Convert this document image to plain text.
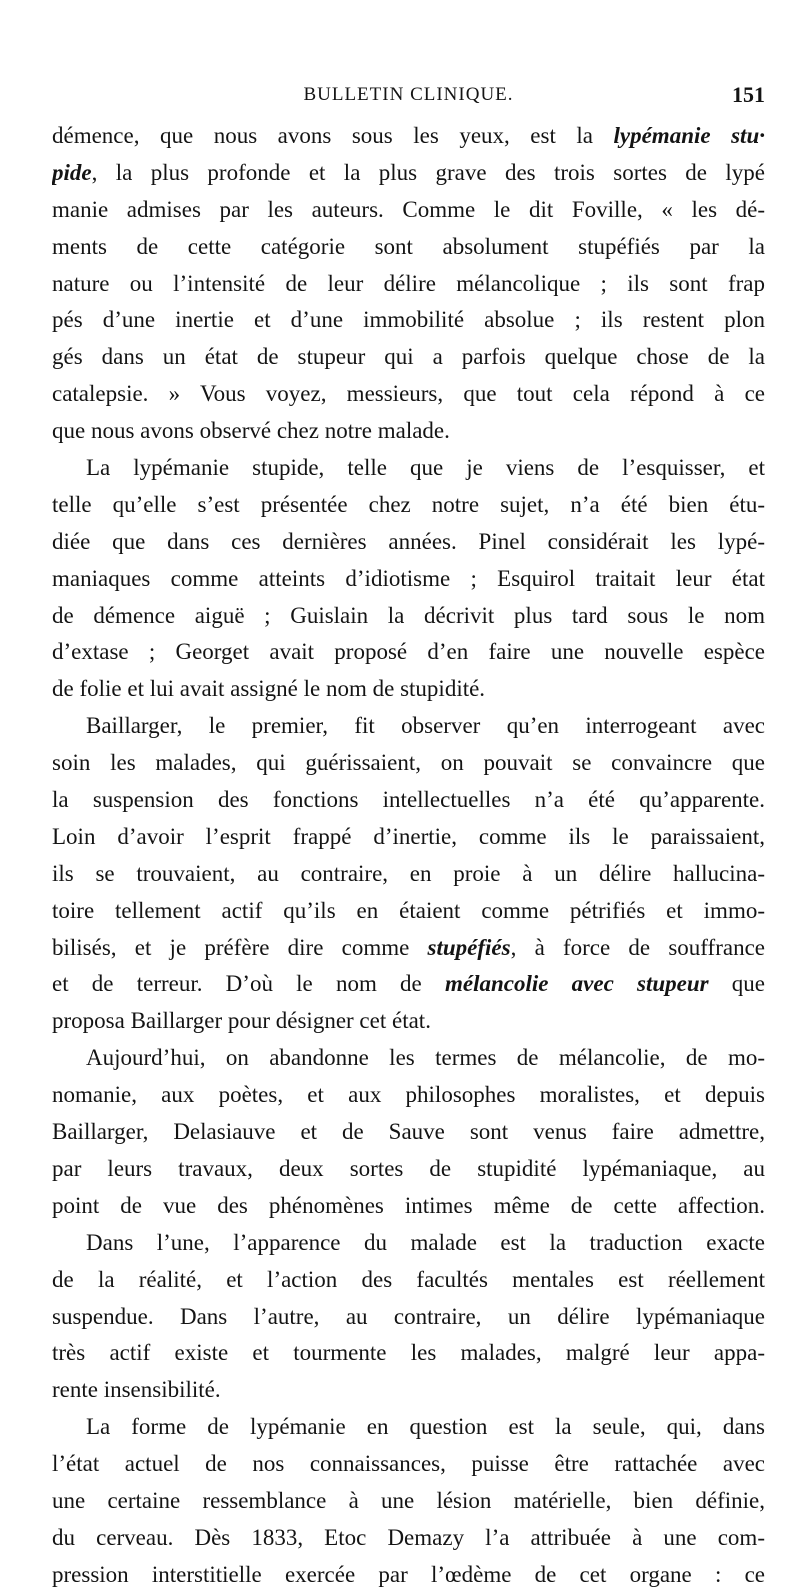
BULLETIN CLINIQUE.	151
démence, que nous avons sous les yeux, est la lypémanie stu·
pide, la plus profonde et la plus grave des trois sortes de lypé
manie admises par les auteurs. Comme le dit Foville, « les dé-
ments de cette catégorie sont absolument stupéfiés par la
nature ou l’intensité de leur délire mélancolique ; ils sont frap
pés d’une inertie et d’une immobilité absolue ; ils restent plon
gés dans un état de stupeur qui a parfois quelque chose de la
catalepsie. » Vous voyez, messieurs, que tout cela répond à ce
que nous avons observé chez notre malade.
La lypémanie stupide, telle que je viens de l’esquisser, et
telle qu’elle s’est présentée chez notre sujet, n’a été bien étu-
diée que dans ces dernières années. Pinel considérait les lypé-
maniaques comme atteints d’idiotisme ; Esquirol traitait leur état
de démence aiguë ; Guislain la décrivit plus tard sous le nom
d’extase ; Georget avait proposé d’en faire une nouvelle espèce
de folie et lui avait assigné le nom de stupidité.
Baillarger, le premier, fit observer qu’en interrogeant avec
soin les malades, qui guérissaient, on pouvait se convaincre que
la suspension des fonctions intellectuelles n’a été qu’apparente.
Loin d’avoir l’esprit frappé d’inertie, comme ils le paraissaient,
ils se trouvaient, au contraire, en proie à un délire hallucina-
toire tellement actif qu’ils en étaient comme pétrifiés et immo-
bilisés, et je préfère dire comme stupéfiés, à force de souffrance
et de terreur. D’où le nom de mélancolie avec stupeur que
proposa Baillarger pour désigner cet état.
Aujourd’hui, on abandonne les termes de mélancolie, de mo-
nomanie, aux poètes, et aux philosophes moralistes, et depuis
Baillarger, Delasiauve et de Sauve sont venus faire admettre,
par leurs travaux, deux sortes de stupidité lypémaniaque, au
point de vue des phénomènes intimes même de cette affection.
Dans l’une, l’apparence du malade est la traduction exacte
de la réalité, et l’action des facultés mentales est réellement
suspendue. Dans l’autre, au contraire, un délire lypémaniaque
très actif existe et tourmente les malades, malgré leur appa-
rente insensibilité.
La forme de lypémanie en question est la seule, qui, dans
l’état actuel de nos connaissances, puisse être rattachée avec
une certaine ressemblance à une lésion matérielle, bien définie,
du cerveau. Dès 1833, Etoc Demazy l’a attribuée à une com-
pression interstitielle exercée par l’œdème de cet organe : ce
